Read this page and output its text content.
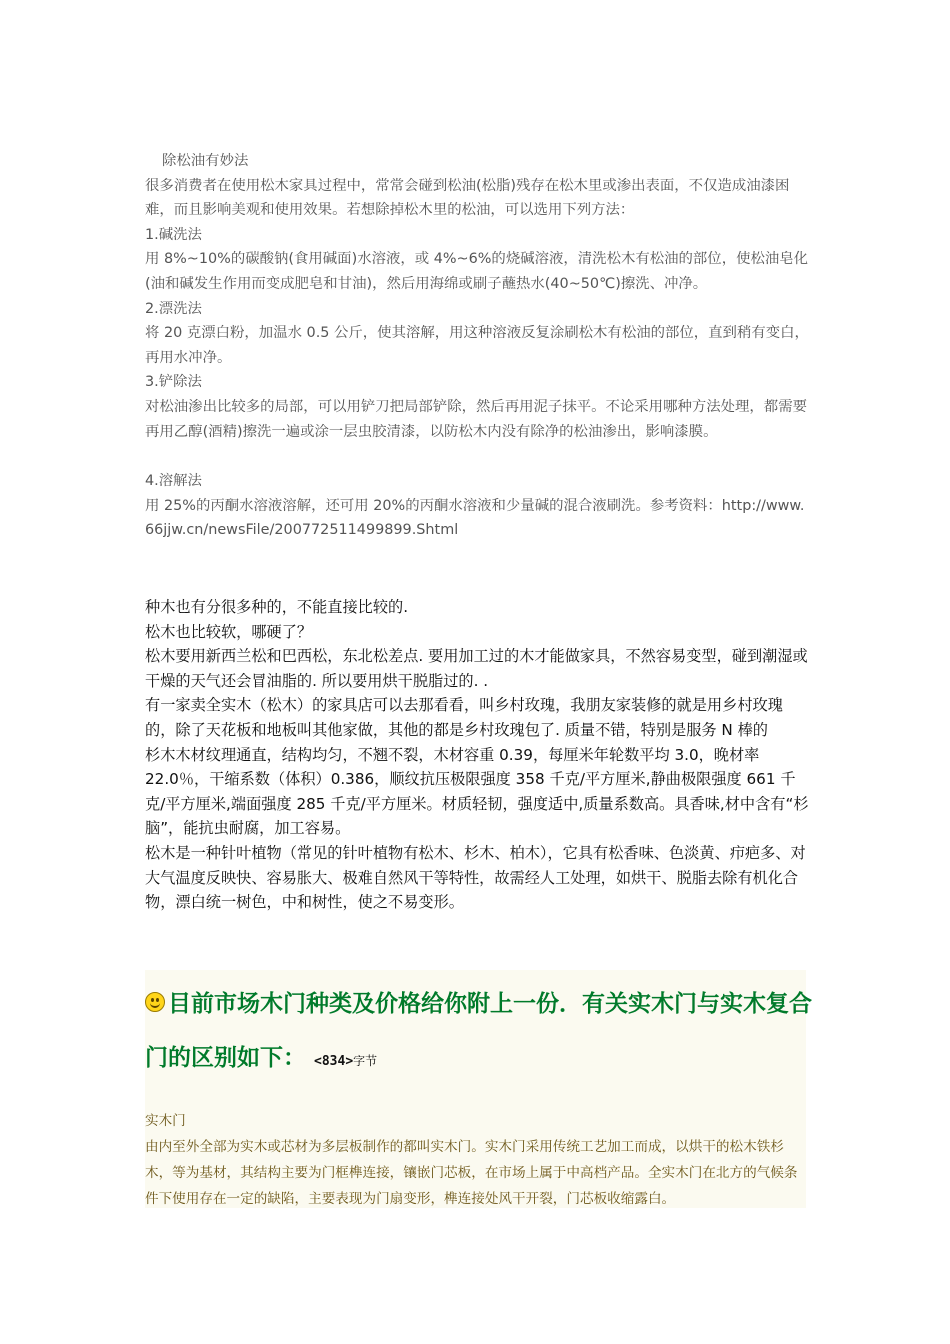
除松油有妙法
很多消费者在使用松木家具过程中，常常会碰到松油(松脂)残存在松木里或渗出表面，不仅造成油漆困难，而且影响美观和使用效果。若想除掉松木里的松油，可以选用下列方法：
1.碱洗法
用 8%~10%的碳酸钠(食用碱面)水溶液，或 4%~6%的烧碱溶液，清洗松木有松油的部位，使松油皂化(油和碱发生作用而变成肥皂和甘油)，然后用海绵或刷子蘸热水(40~50℃)擦洗、冲净。
2.漂洗法
将 20 克漂白粉，加温水 0.5 公斤，使其溶解，用这种溶液反复涂刷松木有松油的部位，直到稍有变白，再用水冲净。
3.铲除法
对松油渗出比较多的局部，可以用铲刀把局部铲除，然后再用泥子抹平。不论采用哪种方法处理，都需要再用乙醇(酒精)擦洗一遍或涂一层虫胶清漆，以防松木内没有除净的松油渗出，影响漆膜。
4.溶解法
用 25%的丙酮水溶液溶解，还可用 20%的丙酮水溶液和少量碱的混合液刷洗。参考资料：http://www.66jjw.cn/newsFile/200772511499899.Shtml
种木也有分很多种的，不能直接比较的.
松木也比较软，哪硬了？
松木要用新西兰松和巴西松，东北松差点. 要用加工过的木才能做家具，不然容易变型，碰到潮湿或干燥的天气还会冒油脂的. 所以要用烘干脱脂过的. .
有一家卖全实木（松木）的家具店可以去那看看，叫乡村玫瑰，我朋友家装修的就是用乡村玫瑰的，除了天花板和地板叫其他家做，其他的都是乡村玫瑰包了. 质量不错，特别是服务 N 棒的
杉木木材纹理通直，结构均匀，不翘不裂，木材容重 0.39，每厘米年轮数平均 3.0，晚材率 22.0％，干缩系数（体积）0.386，顺纹抗压极限强度 358 千克/平方厘米,静曲极限强度 661 千克/平方厘米,端面强度 285 千克/平方厘米。材质轻韧，强度适中,质量系数高。具香味,材中含有“杉脑”，能抗虫耐腐，加工容易。
松木是一种针叶植物（常见的针叶植物有松木、杉木、柏木），它具有松香味、色淡黄、疖疤多、对大气温度反映快、容易胀大、极难自然风干等特性，故需经人工处理，如烘干、脱脂去除有机化合物，漂白统一树色，中和树性，使之不易变形。
目前市场木门种类及价格给你附上一份．有关实木门与实木复合门的区别如下： <834>字节
实木门
由内至外全部为实木或芯材为多层板制作的都叫实木门。实木门采用传统工艺加工而成，以烘干的松木铁杉木，等为基材，其结构主要为门框榫连接，镶嵌门芯板，在市场上属于中高档产品。全实木门在北方的气候条件下使用存在一定的缺陷，主要表现为门扇变形，榫连接处风干开裂，门芯板收缩露白。
